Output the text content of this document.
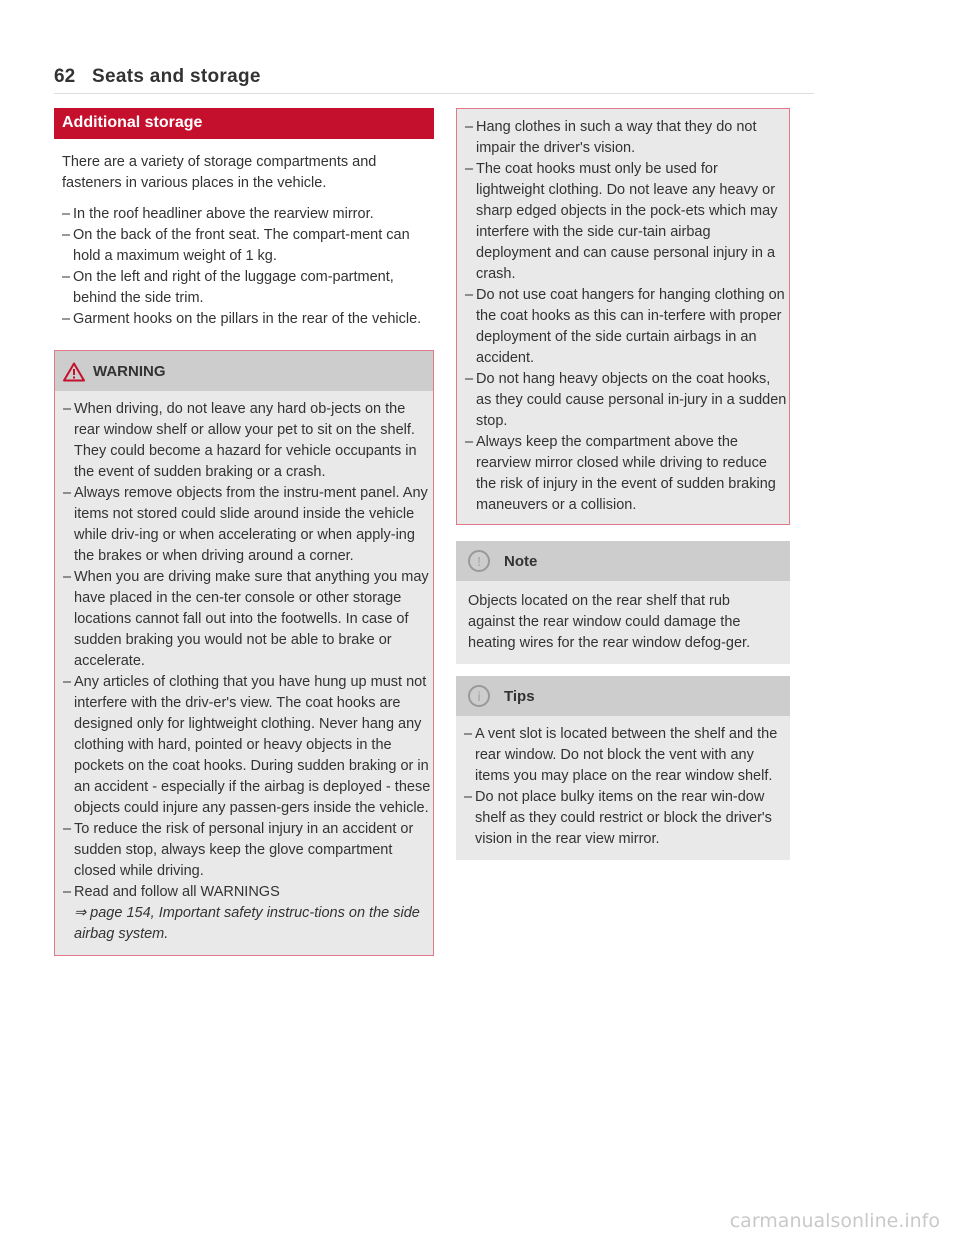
62 Seats and storage
Additional storage

There are a variety of storage compartments and fasteners in various places in the vehicle.

– In the roof headliner above the rearview mirror.
– On the back of the front seat. The compart-ment can hold a maximum weight of 1 kg.
– On the left and right of the luggage com-partment, behind the side trim.
– Garment hooks on the pillars in the rear of the vehicle.
WARNING
– When driving, do not leave any hard ob-jects on the rear window shelf or allow your pet to sit on the shelf. They could become a hazard for vehicle occupants in the event of sudden braking or a crash.
– Always remove objects from the instru-ment panel. Any items not stored could slide around inside the vehicle while driv-ing or when accelerating or when apply-ing the brakes or when driving around a corner.
– When you are driving make sure that anything you may have placed in the cen-ter console or other storage locations cannot fall out into the footwells. In case of sudden braking you would not be able to brake or accelerate.
– Any articles of clothing that you have hung up must not interfere with the driv-er's view. The coat hooks are designed only for lightweight clothing. Never hang any clothing with hard, pointed or heavy objects in the pockets on the coat hooks. During sudden braking or in an accident - especially if the airbag is deployed - these objects could injure any passen-gers inside the vehicle.
– To reduce the risk of personal injury in an accident or sudden stop, always keep the glove compartment closed while driving.
– Read and follow all WARNINGS
⇒ page 154, Important safety instruc-tions on the side airbag system.
– Hang clothes in such a way that they do not impair the driver's vision.
– The coat hooks must only be used for lightweight clothing. Do not leave any heavy or sharp edged objects in the pock-ets which may interfere with the side cur-tain airbag deployment and can cause personal injury in a crash.
– Do not use coat hangers for hanging clothing on the coat hooks as this can in-terfere with proper deployment of the side curtain airbags in an accident.
– Do not hang heavy objects on the coat hooks, as they could cause personal in-jury in a sudden stop.
– Always keep the compartment above the rearview mirror closed while driving to reduce the risk of injury in the event of sudden braking maneuvers or a collision.
!	Note

Objects located on the rear shelf that rub against the rear window could damage the heating wires for the rear window defog-ger.

i	Tips
– A vent slot is located between the shelf and the rear window. Do not block the vent with any items you may place on the rear window shelf.
– Do not place bulky items on the rear win-dow shelf as they could restrict or block the driver's vision in the rear view mirror.
carmanualsonline.info
